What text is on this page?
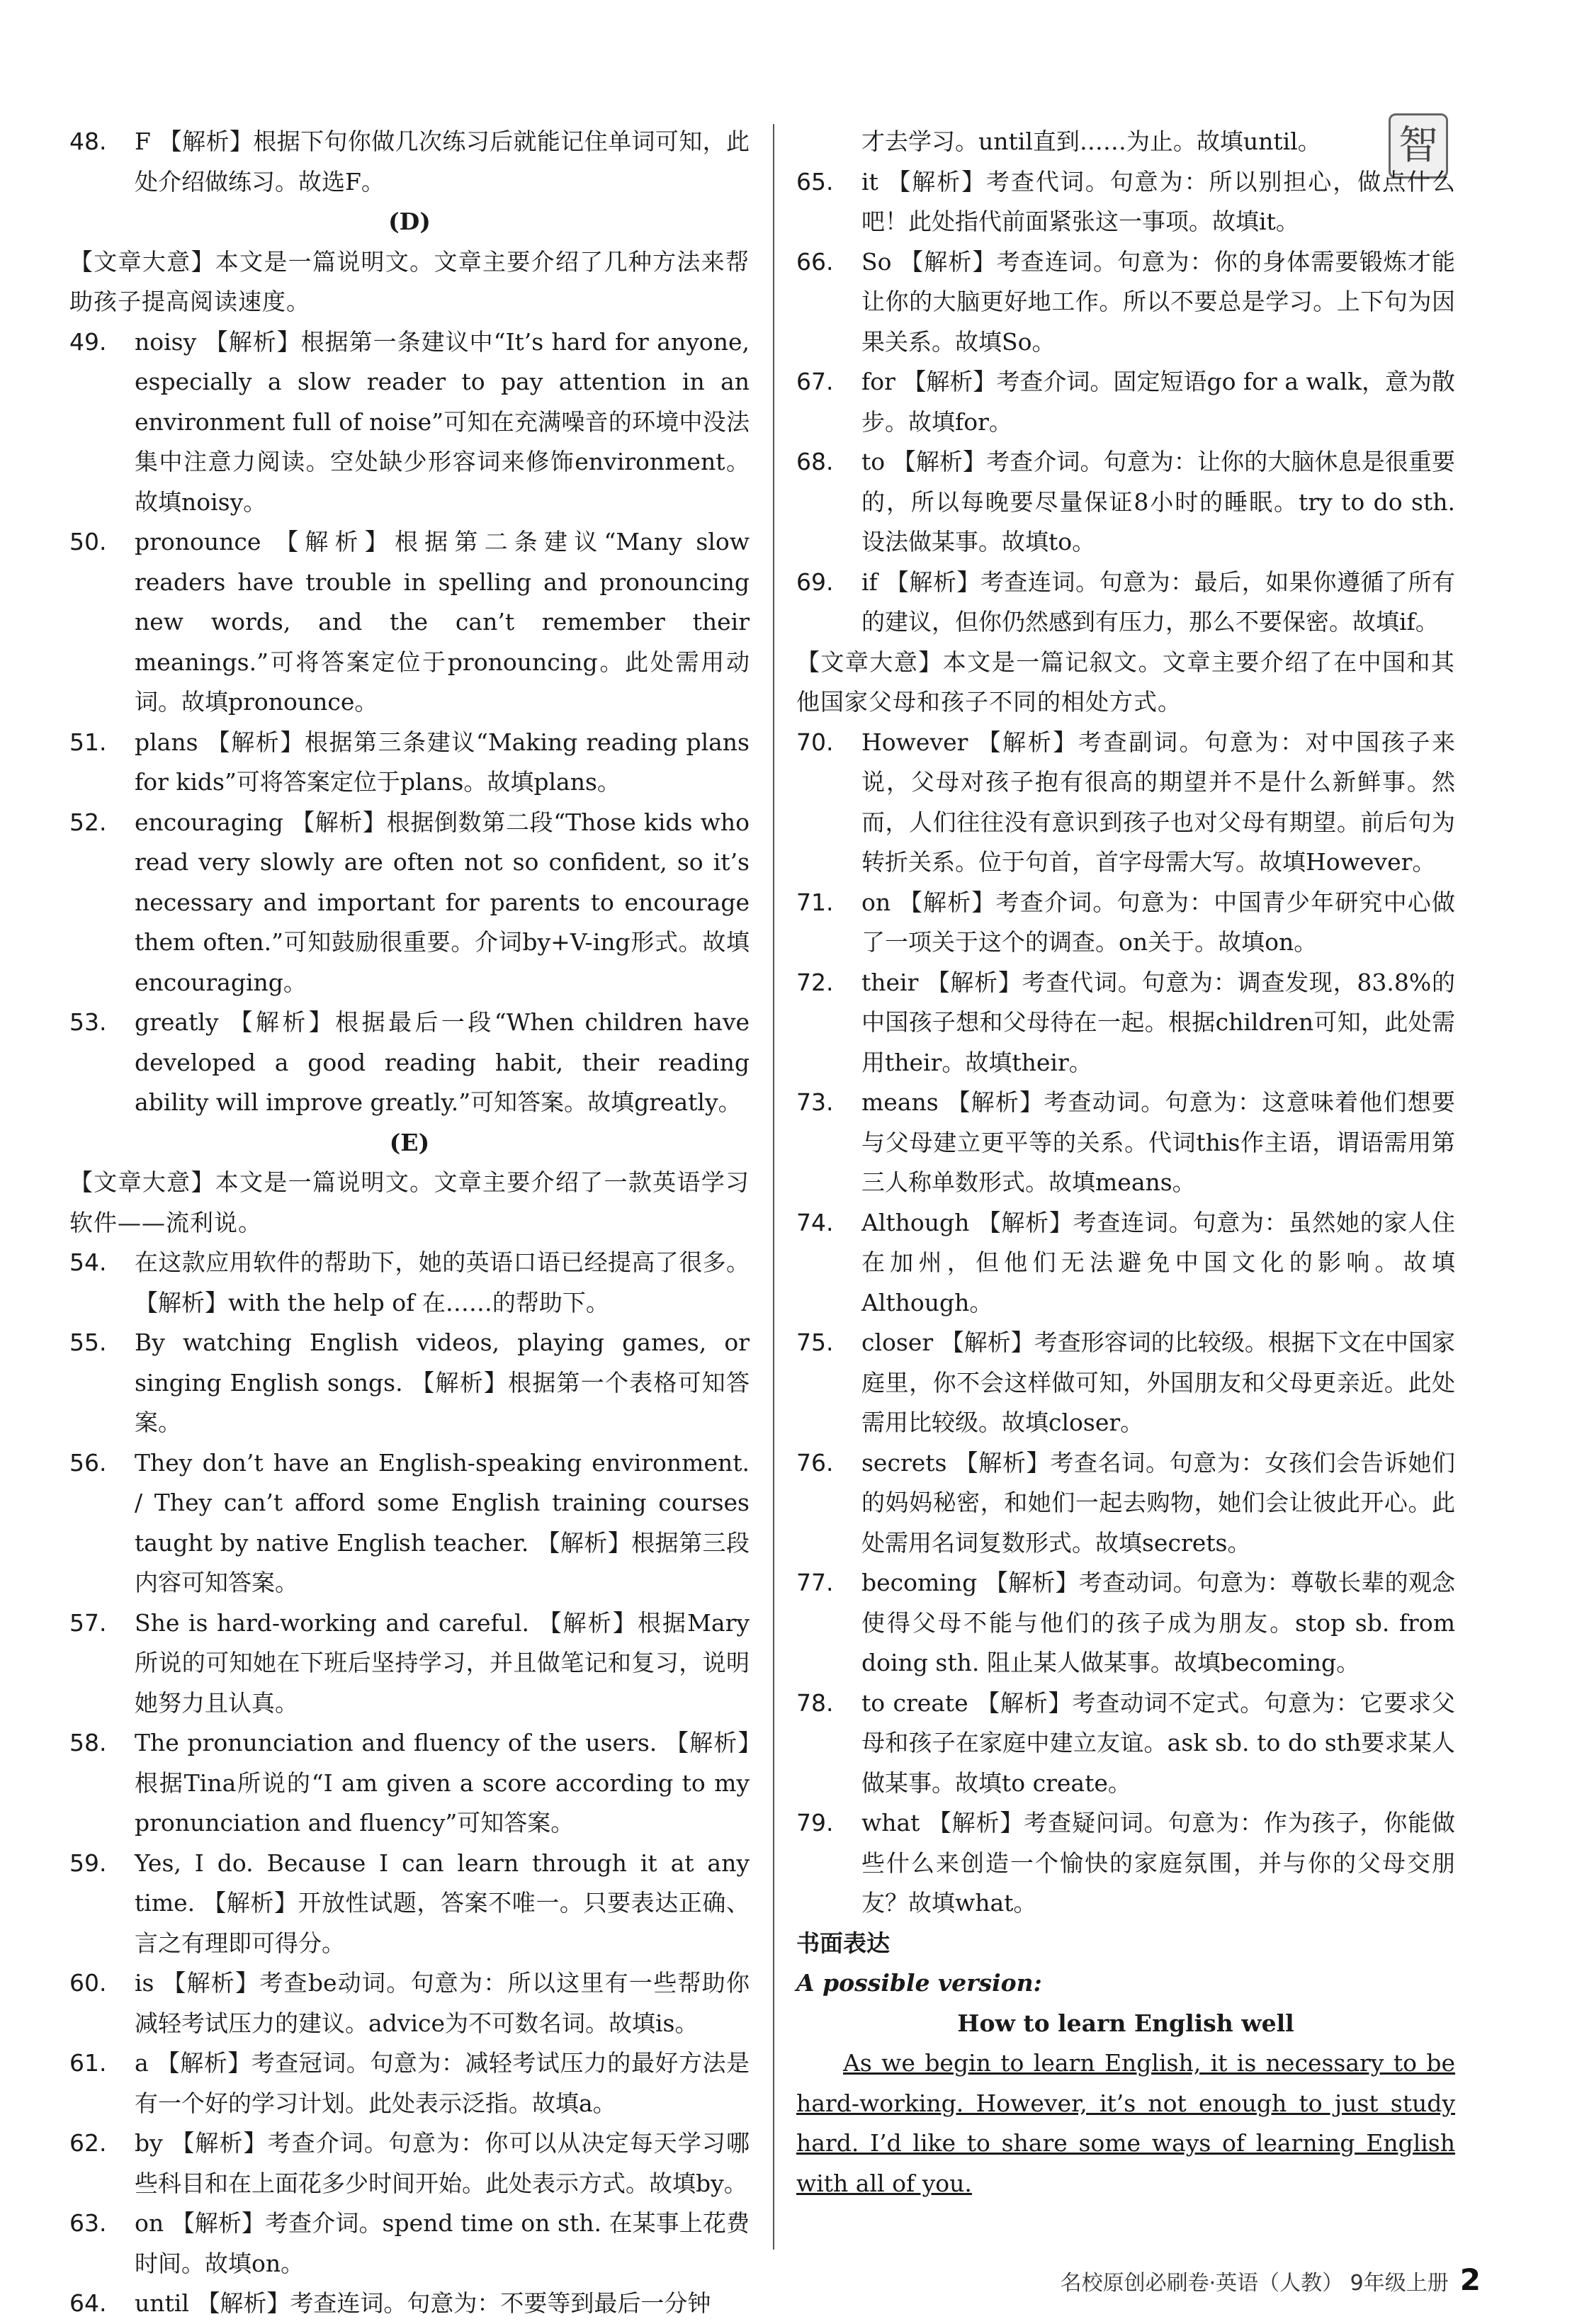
智
48. F 【解析】根据下句你做几次练习后就能记住单词可知，此处介绍做练习。故选F。
(D)
【文章大意】本文是一篇说明文。文章主要介绍了几种方法来帮助孩子提高阅读速度。
49. noisy 【解析】根据第一条建议中“It’s hard for anyone, especially a slow reader to pay attention in an environment full of noise”可知在充满噪音的环境中没法集中注意力阅读。空处缺少形容词来修饰environment。故填noisy。
50. pronounce 【解析】根据第二条建议“Many slow readers have trouble in spelling and pronouncing new words, and the can’t remember their meanings.”可将答案定位于pronouncing。此处需用动词。故填pronounce。
51. plans 【解析】根据第三条建议“Making reading plans for kids”可将答案定位于plans。故填plans。
52. encouraging 【解析】根据倒数第二段“Those kids who read very slowly are often not so confident, so it’s necessary and important for parents to encourage them often.”可知鼓励很重要。介词by+V-ing形式。故填encouraging。
53. greatly 【解析】根据最后一段“When children have developed a good reading habit, their reading ability will improve greatly.”可知答案。故填greatly。
(E)
【文章大意】本文是一篇说明文。文章主要介绍了一款英语学习软件——流利说。
54. 在这款应用软件的帮助下，她的英语口语已经提高了很多。 【解析】with the help of 在……的帮助下。
55. By watching English videos, playing games, or singing English songs. 【解析】根据第一个表格可知答案。
56. They don’t have an English-speaking environment. / They can’t afford some English training courses taught by native English teacher. 【解析】根据第三段内容可知答案。
57. She is hard-working and careful. 【解析】根据Mary所说的可知她在下班后坚持学习，并且做笔记和复习，说明她努力且认真。
58. The pronunciation and fluency of the users. 【解析】根据Tina所说的“I am given a score according to my pronunciation and fluency”可知答案。
59. Yes, I do. Because I can learn through it at any time. 【解析】开放性试题，答案不唯一。只要表达正确、言之有理即可得分。
60. is 【解析】考查be动词。句意为：所以这里有一些帮助你减轻考试压力的建议。advice为不可数名词。故填is。
61. a 【解析】考查冠词。句意为：减轻考试压力的最好方法是有一个好的学习计划。此处表示泛指。故填a。
62. by 【解析】考查介词。句意为：你可以从决定每天学习哪些科目和在上面花多少时间开始。此处表示方式。故填by。
63. on 【解析】考查介词。spend time on sth. 在某事上花费时间。故填on。
64. until 【解析】考查连词。句意为：不要等到最后一分钟
才去学习。until直到……为止。故填until。
65. it 【解析】考查代词。句意为：所以别担心，做点什么吧！此处指代前面紧张这一事项。故填it。
66. So 【解析】考查连词。句意为：你的身体需要锻炼才能让你的大脑更好地工作。所以不要总是学习。上下句为因果关系。故填So。
67. for 【解析】考查介词。固定短语go for a walk，意为散步。故填for。
68. to 【解析】考查介词。句意为：让你的大脑休息是很重要的，所以每晚要尽量保证8小时的睡眠。try to do sth. 设法做某事。故填to。
69. if 【解析】考查连词。句意为：最后，如果你遵循了所有的建议，但你仍然感到有压力，那么不要保密。故填if。
【文章大意】本文是一篇记叙文。文章主要介绍了在中国和其他国家父母和孩子不同的相处方式。
70. However 【解析】考查副词。句意为：对中国孩子来说，父母对孩子抱有很高的期望并不是什么新鲜事。然而，人们往往没有意识到孩子也对父母有期望。前后句为转折关系。位于句首，首字母需大写。故填However。
71. on 【解析】考查介词。句意为：中国青少年研究中心做了一项关于这个的调查。on关于。故填on。
72. their 【解析】考查代词。句意为：调查发现，83.8%的中国孩子想和父母待在一起。根据children可知，此处需用their。故填their。
73. means 【解析】考查动词。句意为：这意味着他们想要与父母建立更平等的关系。代词this作主语，谓语需用第三人称单数形式。故填means。
74. Although 【解析】考查连词。句意为：虽然她的家人住在加州，但他们无法避免中国文化的影响。故填Although。
75. closer 【解析】考查形容词的比较级。根据下文在中国家庭里，你不会这样做可知，外国朋友和父母更亲近。此处需用比较级。故填closer。
76. secrets 【解析】考查名词。句意为：女孩们会告诉她们的妈妈秘密，和她们一起去购物，她们会让彼此开心。此处需用名词复数形式。故填secrets。
77. becoming 【解析】考查动词。句意为：尊敬长辈的观念使得父母不能与他们的孩子成为朋友。stop sb. from doing sth. 阻止某人做某事。故填becoming。
78. to create 【解析】考查动词不定式。句意为：它要求父母和孩子在家庭中建立友谊。ask sb. to do sth要求某人做某事。故填to create。
79. what 【解析】考查疑问词。句意为：作为孩子，你能做些什么来创造一个愉快的家庭氛围，并与你的父母交朋友？故填what。
书面表达
A possible version:
How to learn English well
As we begin to learn English, it is necessary to be hard-working. However, it’s not enough to just study hard. I’d like to share some ways of learning English with all of you.
名校原创必刷卷·英语（人教） 9年级上册 2
